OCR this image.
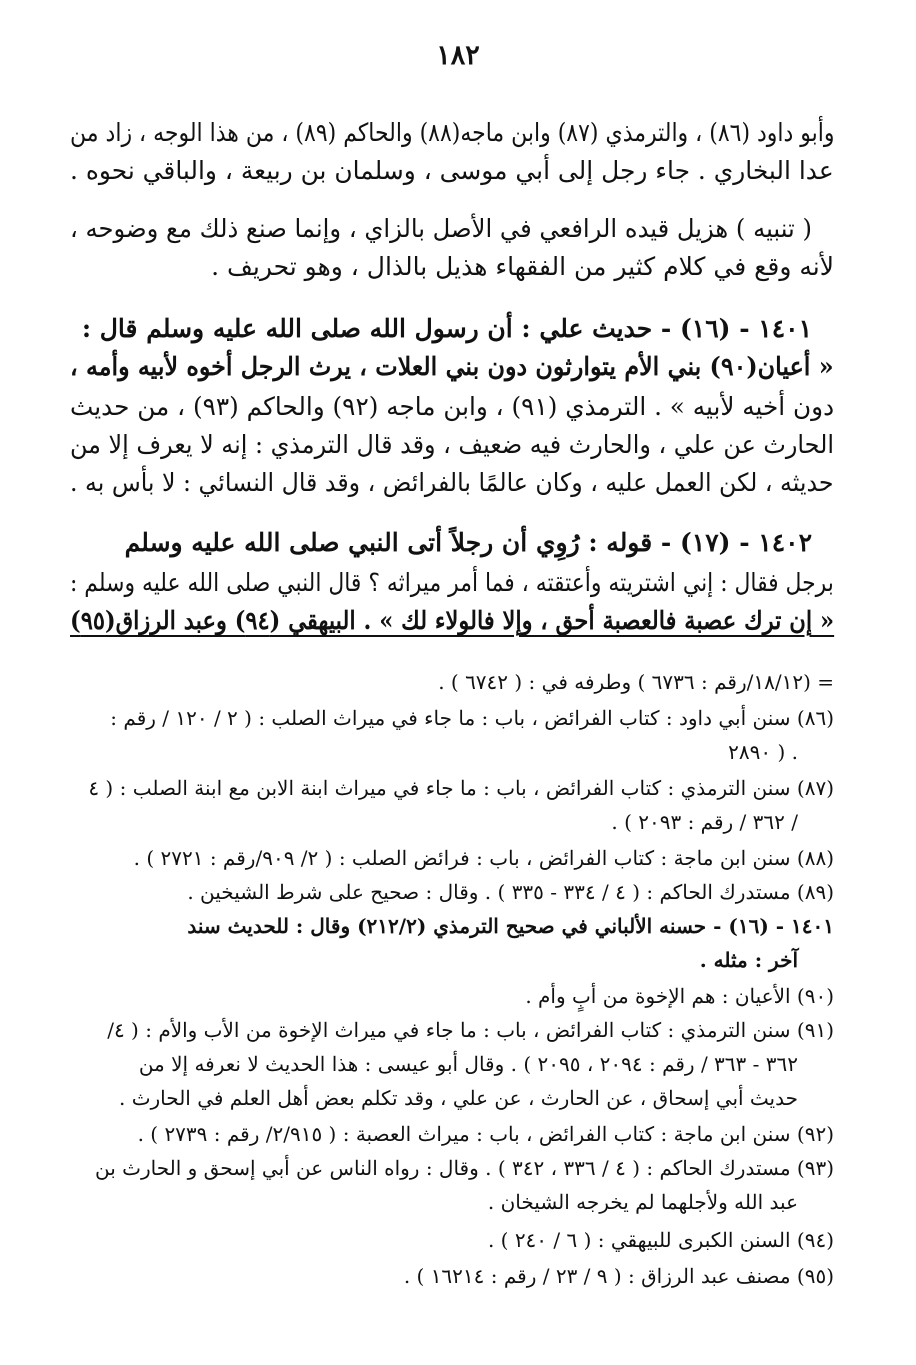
١٨٢
وأبو داود (٨٦) ، والترمذي (٨٧) وابن ماجه(٨٨) والحاكم (٨٩) ، من هذا الوجه ، زاد من
عدا البخاري . جاء رجل إلى أبي موسى ، وسلمان بن ربيعة ، والباقي نحوه .
( تنبيه ) هزيل قيده الرافعي في الأصل بالزاي ، وإنما صنع ذلك مع وضوحه ،
لأنه وقع في كلام كثير من الفقهاء هذيل بالذال ، وهو تحريف .
١٤٠١ - (١٦) - حديث علي : أن رسول الله صلى الله عليه وسلم قال :
« أعيان(٩٠) بني الأم يتوارثون دون بني العلات ، يرث الرجل أخوه لأبيه وأمه ،
دون أخيه لأبيه » . الترمذي (٩١) ، وابن ماجه (٩٢) والحاكم (٩٣) ، من حديث
الحارث عن علي ، والحارث فيه ضعيف ، وقد قال الترمذي : إنه لا يعرف إلا من
حديثه ، لكن العمل عليه ، وكان عالمًا بالفرائض ، وقد قال النسائي : لا بأس به .
١٤٠٢ - (١٧) - قوله : رُوِي أن رجلاً أتى النبي صلى الله عليه وسلم
برجل فقال : إني اشتريته وأعتقته ، فما أمر ميراثه ؟ قال النبي صلى الله عليه وسلم :
« إن ترك عصبة فالعصبة أحق ، وإلا فالولاء لك » . البيهقي (٩٤) وعبد الرزاق(٩٥)
= (١٨/١٢/رقم : ٦٧٣٦ ) وطرفه في : ( ٦٧٤٢ ) .
(٨٦) سنن أبي داود : كتاب الفرائض ، باب : ما جاء في ميراث الصلب : ( ٢ / ١٢٠ / رقم :
٢٨٩٠ ) .
(٨٧) سنن الترمذي : كتاب الفرائض ، باب : ما جاء في ميراث ابنة الابن مع ابنة الصلب : ( ٤
/ ٣٦٢ / رقم : ٢٠٩٣ ) .
(٨٨) سنن ابن ماجة : كتاب الفرائض ، باب : فرائض الصلب : ( ٢/ ٩٠٩/رقم : ٢٧٢١ ) .
(٨٩) مستدرك الحاكم : ( ٤ / ٣٣٤ - ٣٣٥ ) . وقال : صحيح على شرط الشيخين .
١٤٠١ - (١٦) - حسنه الألباني في صحيح الترمذي (٢١٢/٢) وقال : للحديث سند
آخر : مثله .
(٩٠) الأعيان : هم الإخوة من أبٍ وأم .
(٩١) سنن الترمذي : كتاب الفرائض ، باب : ما جاء في ميراث الإخوة من الأب والأم : ( ٤/
٣٦٢ - ٣٦٣ / رقم : ٢٠٩٤ ، ٢٠٩٥ ) . وقال أبو عيسى : هذا الحديث لا نعرفه إلا من
حديث أبي إسحاق ، عن الحارث ، عن علي ، وقد تكلم بعض أهل العلم في الحارث .
(٩٢) سنن ابن ماجة : كتاب الفرائض ، باب : ميراث العصبة : ( ٢/٩١٥/ رقم : ٢٧٣٩ ) .
(٩٣) مستدرك الحاكم : ( ٤ / ٣٣٦ ، ٣٤٢ ) . وقال : رواه الناس عن أبي إسحق و الحارث بن
عبد الله ولأجلهما لم يخرجه الشيخان .
(٩٤) السنن الكبرى للبيهقي : ( ٦ / ٢٤٠ ) .
(٩٥) مصنف عبد الرزاق : ( ٩ / ٢٣ / رقم : ١٦٢١٤ ) .
